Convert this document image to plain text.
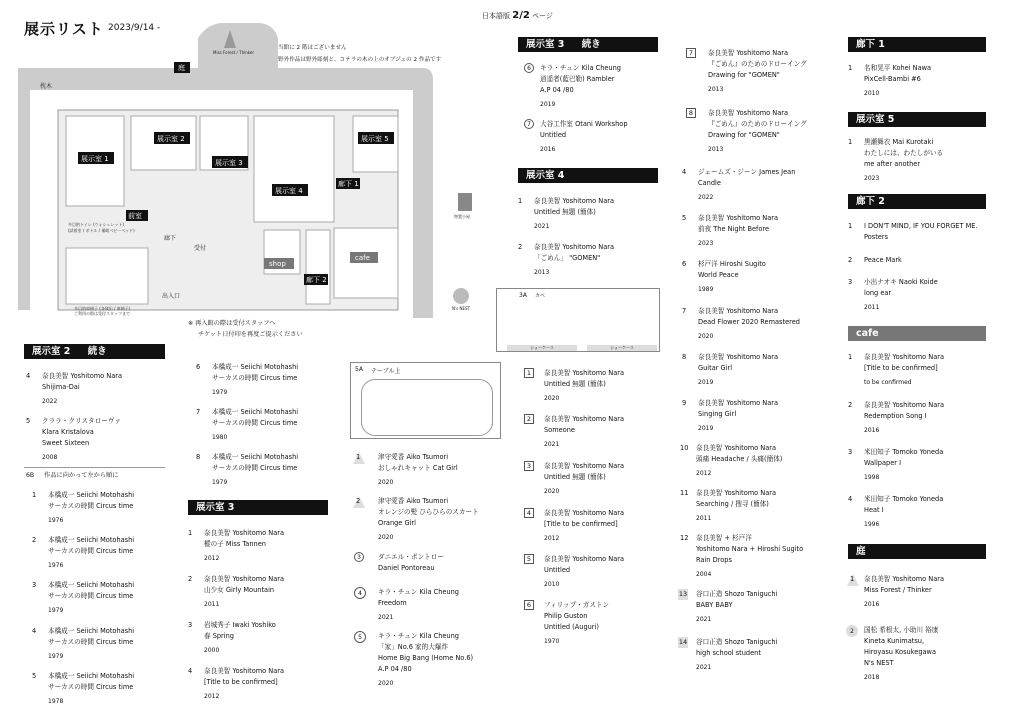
展示リスト 2023/9/14 -
日本語版 2/2 ページ
当館に 2 階はございません
野外作品は野外彫刻と、コテラの木の上のオブジェの 2 作品です
展示室 1
展示室 2
展示室 3
展示室 4
展示室 5
廊下 1
廊下 2
前室
shop
cafe
庭
枕木
出入口
受付
廊下
Miss Forest / Thinker
N's NEST
物置小屋
多目的トイレ (ウォシュレット)
(試着室 / ボトル / 補助ベビーベッド)
多目的車椅子 (各貸出 / 車椅子)
ご利用の際は受付スタッフまで
※ 再入館の際は受付スタッフへ
チケット日付印を再度ご提示ください
展示室 2 続き
4 奈良美智 Yoshitomo Nara
Shijima-Dai
2022
5 クララ・クリスタローヴァ
Klara Kristalova
Sweet Sixteen
2008
6B 作品に向かって左から順に
1 本橋成一 Seiichi Motohashi
サーカスの時間 Circus time
1976
2 本橋成一 Seiichi Motohashi
サーカスの時間 Circus time
1976
3 本橋成一 Seiichi Motohashi
サーカスの時間 Circus time
1979
4 本橋成一 Seiichi Motohashi
サーカスの時間 Circus time
1979
5 本橋成一 Seiichi Motohashi
サーカスの時間 Circus time
1978
6 本橋成一 Seiichi Motohashi
サーカスの時間 Circus time
1979
7 本橋成一 Seiichi Motohashi
サーカスの時間 Circus time
1980
8 本橋成一 Seiichi Motohashi
サーカスの時間 Circus time
1979
展示室 3
1 奈良美智 Yoshitomo Nara
樅の子 Miss Tannen
2012
2 奈良美智 Yoshitomo Nara
山少女 Girly Mountain
2011
3 岩城秀子 Iwaki Yoshiko
春 Spring
2000
4 奈良美智 Yoshitomo Nara
[Title to be confirmed]
2012
5A テーブル上
1	津守愛香 Aiko Tsumori
おしゃれキャット Cat Girl
2020
2	津守愛香 Aiko Tsumori
オレンジの髪 ひらひらのスカート
Orange Girl
2020
3	ダニエル・ポントロー
Daniel Pontoreau
4	キラ・チュン Kila Cheung
Freedom
2021
5	キラ・チュン Kila Cheung
「家」No.6 家的大爆炸
Home Big Bang (Home No.6)
A.P 04 /80
2020
展示室 3 続き
6	キラ・チュン Kila Cheung
逍遥者(藍巴勒) Rambler
A.P 04 /80
2019
7	大谷工作室 Otani Workshop
Untitled
2016
展示室 4
1 奈良美智 Yoshitomo Nara
Untitled 無題 (簡体)
2021
2 奈良美智 Yoshitomo Nara
「ごめん」 "GOMEN"
2013
3A カベ
ショーケース	ショーケース
1	奈良美智 Yoshitomo Nara
Untitled 無題 (簡体)
2020
2	奈良美智 Yoshitomo Nara
Someone
2021
3	奈良美智 Yoshitomo Nara
Untitled 無題 (簡体)
2020
4	奈良美智 Yoshitomo Nara
[Title to be confirmed]
2012
5	奈良美智 Yoshitomo Nara
Untitled
2010
6	フィリップ・ガストン
Philip Guston
Untitled (Auguri)
1970
7	奈良美智 Yoshitomo Nara
『ごめん』のためのドローイング
Drawing for "GOMEN"
2013
8	奈良美智 Yoshitomo Nara
『ごめん』のためのドローイング
Drawing for "GOMEN"
2013
4 ジェームズ・ジーン James Jean
Candle
2022
5 奈良美智 Yoshitomo Nara
前夜 The Night Before
2023
6 杉戸洋 Hiroshi Sugito
World Peace
1989
7 奈良美智 Yoshitomo Nara
Dead Flower 2020 Remastered
2020
8 奈良美智 Yoshitomo Nara
Guitar Girl
2019
9 奈良美智 Yoshitomo Nara
Singing Girl
2019
10 奈良美智 Yoshitomo Nara
頭痛 Headache / 头痛(簡体)
2012
11 奈良美智 Yoshitomo Nara
Searching / 搜寻 (簡体)
2011
12 奈良美智 + 杉戸洋
Yoshitomo Nara + Hiroshi Sugito
Rain Drops
2004
13 谷口正造 Shozo Taniguchi
BABY BABY
2021
14 谷口正造 Shozo Taniguchi
high school student
2021
廊下 1
1 名和晃平 Kohei Nawa
PixCell-Bambi #6
2010
展示室 5
1 黒瀬舞衣 Mai Kurotaki
わたしには、わたしがいる
me after another
2023
廊下 2
1 I DON'T MIND, IF YOU FORGET ME.
Posters
2 Peace Mark
3 小出ナオキ Naoki Koide
long ear
2011
cafe
1 奈良美智 Yoshitomo Nara
[Title to be confirmed]
to be confirmed
2 奈良美智 Yoshitomo Nara
Redemption Song I
2016
3 米田知子 Tomoko Yoneda
Wallpaper I
1998
4 米田知子 Tomoko Yoneda
Heat I
1996
庭
1 奈良美智 Yoshitomo Nara
Miss Forest / Thinker
2016
2	国松 希根太, 小助川 裕康
Kineta Kunimatsu,
Hiroyasu Kosukegawa
N's NEST
2018
